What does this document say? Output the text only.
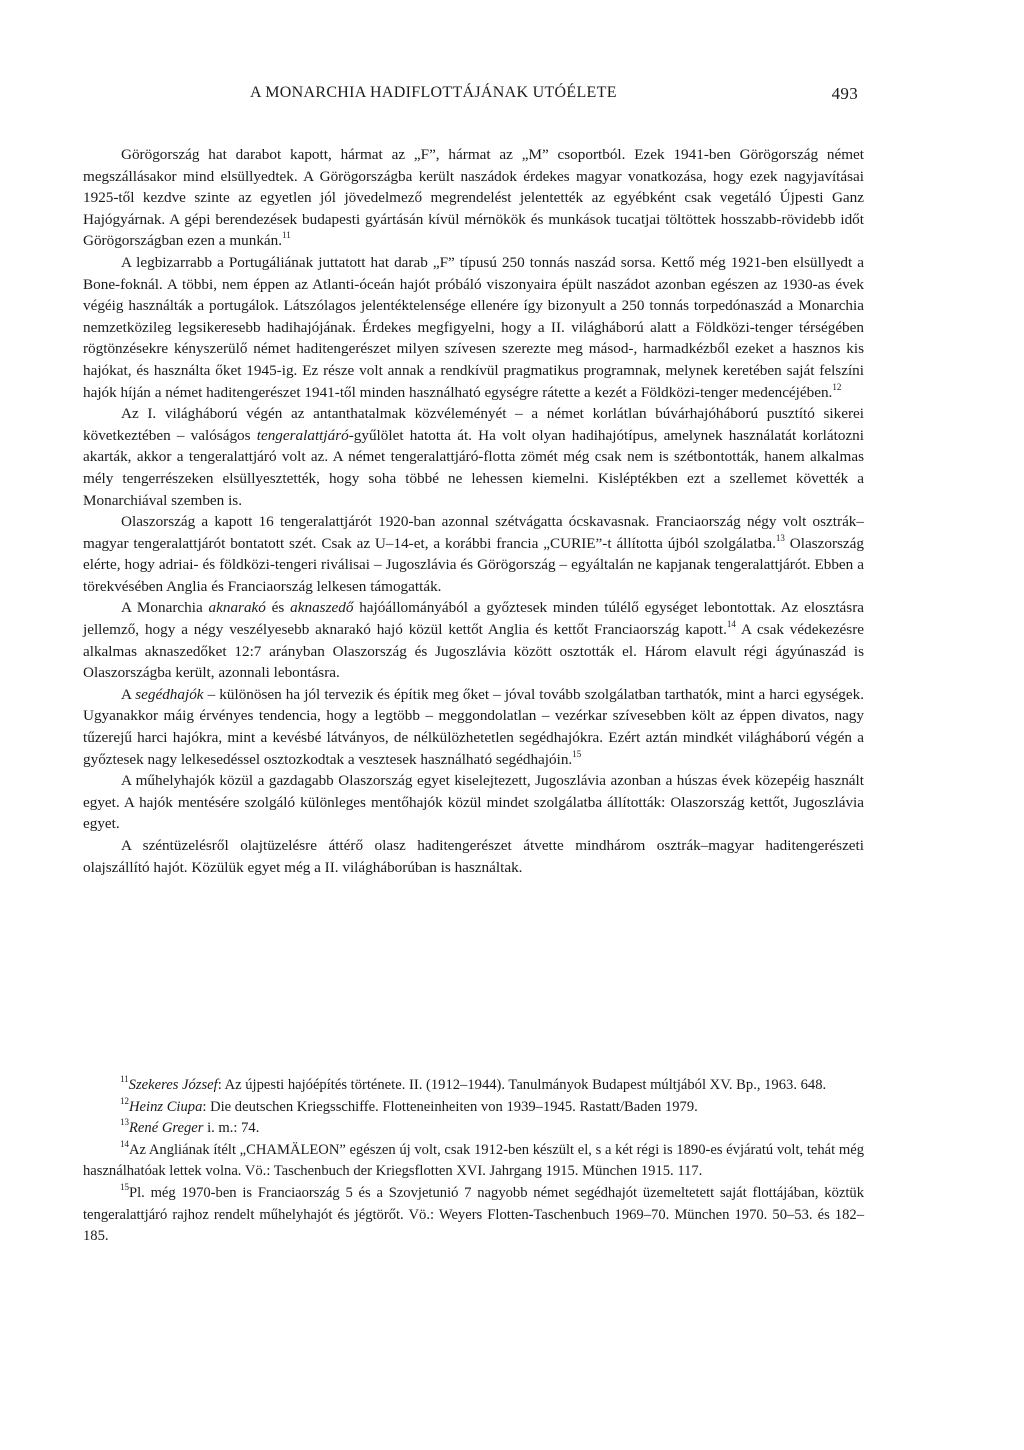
A MONARCHIA HADIFLOTTÁJÁNAK UTÓÉLETE	493

Görögország hat darabot kapott, hármat az „F”, hármat az „M” csoportból. Ezek 1941-ben Görögország német megszállásakor mind elsüllyedtek. A Görögországba került naszádok érdekes magyar vonatkozása, hogy ezek nagyjavításai 1925-től kezdve szinte az egyetlen jól jövedelmező megrendelést jelentették az egyébként csak vegetáló Újpesti Ganz Hajógyárnak. A gépi berendezések budapesti gyártásán kívül mérnökök és munkások tucatjai töltöttek hosszabb-rövidebb időt Görögországban ezen a munkán.$^{11}$

A legbizarrabb a Portugáliának juttatott hat darab „F” típusú 250 tonnás naszád sorsa. Kettő még 1921-ben elsüllyedt a Bone-foknál. A többi, nem éppen az Atlanti-óceán hajót próbáló viszonyaira épült naszádot azonban egészen az 1930-as évek végéig használták a portugálok. Látszólagos jelentéktelensége ellenére így bizonyult a 250 tonnás torpedónaszád a Monarchia nemzetközileg legsikeresebb hadihajójának. Érdekes megfigyelni, hogy a II. világháború alatt a Földközi-tenger térségében rögtönzésekre kényszerülő német haditengerészet milyen szívesen szerezte meg másod-, harmadkézből ezeket a hasznos kis hajókat, és használta őket 1945-ig. Ez része volt annak a rendkívül pragmatikus programnak, melynek keretében saját felszíni hajók híján a német haditengerészet 1941-től minden használható egységre rátette a kezét a Földközi-tenger medencéjében.$^{12}$

Az I. világháború végén az antanthatalmak közvéleményét – a német korlátlan búvárhajóháború pusztító sikerei következtében – valóságos tengeralattjáró-gyűlölet hatotta át. Ha volt olyan hadihajótípus, amelynek használatát korlátozni akarták, akkor a tengeralattjáró volt az. A német tengeralattjáró-flotta zömét még csak nem is szétbontották, hanem alkalmas mély tengerrészeken elsüllyesztették, hogy soha többé ne lehessen kiemelni. Kisléptékben ezt a szellemet követték a Monarchiával szemben is.

Olaszország a kapott 16 tengeralattjárót 1920-ban azonnal szétvágatta ócskavasnak. Franciaország négy volt osztrák–magyar tengeralattjárót bontatott szét. Csak az U–14-et, a korábbi francia „CURIE”-t állította újból szolgálatba.$^{13}$ Olaszország elérte, hogy adriai- és földközi-tengeri riválisai – Jugoszlávia és Görögország – egyáltalán ne kapjanak tengeralattjárót. Ebben a törekvésében Anglia és Franciaország lelkesen támogatták.

A Monarchia aknarakó és aknaszedő hajóállományából a győztesek minden túlélő egységet lebontottak. Az elosztásra jellemző, hogy a négy veszélyesebb aknarakó hajó közül kettőt Anglia és kettőt Franciaország kapott.$^{14}$ A csak védekezésre alkalmas aknaszedőket 12:7 arányban Olaszország és Jugoszlávia között osztották el. Három elavult régi ágyúnaszád is Olaszországba került, azonnali lebontásra.

A segédhajók – különösen ha jól tervezik és építik meg őket – jóval tovább szolgálatban tarthatók, mint a harci egységek. Ugyanakkor máig érvényes tendencia, hogy a legtöbb – meggondolatlan – vezérkar szívesebben költ az éppen divatos, nagy tűzerejű harci hajókra, mint a kevésbé látványos, de nélkülözhetetlen segédhajókra. Ezért aztán mindkét világháború végén a győztesek nagy lelkesedéssel osztozkodtak a vesztesek használható segédhajóin.$^{15}$

A műhelyhajók közül a gazdagabb Olaszország egyet kiselejtezett, Jugoszlávia azonban a húszas évek közepéig használt egyet. A hajók mentésére szolgáló különleges mentőhajók közül mindet szolgálatba állították: Olaszország kettőt, Jugoszlávia egyet.

A széntüzelésről olajtüzelésre áttérő olasz haditengerészet átvette mindhárom osztrák–magyar haditengerészeti olajszállító hajót. Közülük egyet még a II. világháborúban is használtak.

$^{11}$Szekeres József: Az újpesti hajóépítés története. II. (1912–1944). Tanulmányok Budapest múltjából XV. Bp., 1963. 648.

$^{12}$Heinz Ciupa: Die deutschen Kriegsschiffe. Flotteneinheiten von 1939–1945. Rastatt/Baden 1979.

$^{13}$René Greger i. m.: 74.

$^{14}$Az Angliának ítélt „CHAMÄLEON” egészen új volt, csak 1912-ben készült el, s a két régi is 1890-es évjáratú volt, tehát még használhatóak lettek volna. Vö.: Taschenbuch der Kriegsflotten XVI. Jahrgang 1915. München 1915. 117.

$^{15}$Pl. még 1970-ben is Franciaország 5 és a Szovjetunió 7 nagyobb német segédhajót üzemeltetett saját flottájában, köztük tengeralattjáró rajhoz rendelt műhelyhajót és jégtörőt. Vö.: Weyers Flotten-Taschenbuch 1969–70. München 1970. 50–53. és 182–185.
